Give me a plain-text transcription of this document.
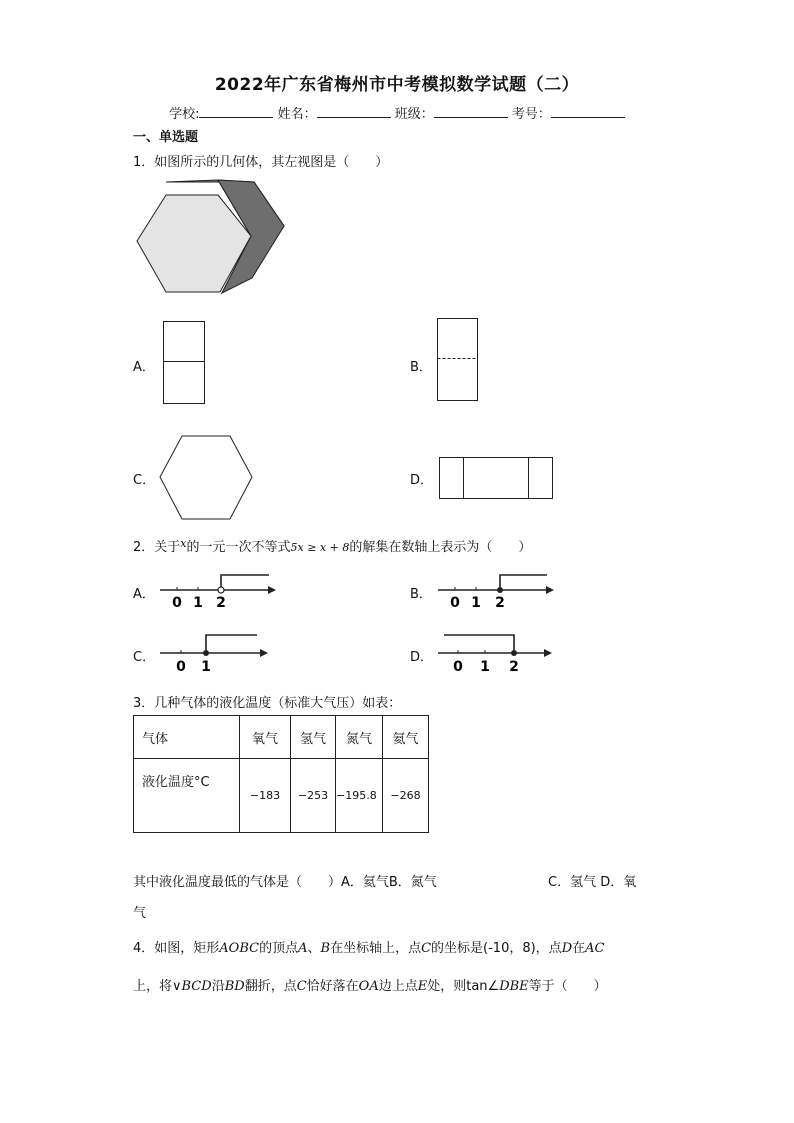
2022年广东省梅州市中考模拟数学试题（二）
学校:	姓名：	班级：	考号：
一、单选题
1．如图所示的几何体，其左视图是（　　）
A．	B．
C．	D．
2．关于$^x$的一元一次不等式5x ≥ x + 8的解集在数轴上表示为（　　）
A．
0 1 2
B．
0 1 2
C．
0 1
D．
0 1 2
3．几种气体的液化温度（标准大气压）如表：
气体	氧气	氢气	氮气	氦气
液化温度°C	−183	−253	−195.8	−268
其中液化温度最低的气体是（　　）A．氦气B．氮气	C．氢气 D．氧
气
4．如图，矩形AOBC的顶点A、B在坐标轴上，点C的坐标是(-10，8)，点D在AC
上，将∨BCD沿BD翻折，点C恰好落在OA边上点E处，则tan∠DBE等于（　　）
